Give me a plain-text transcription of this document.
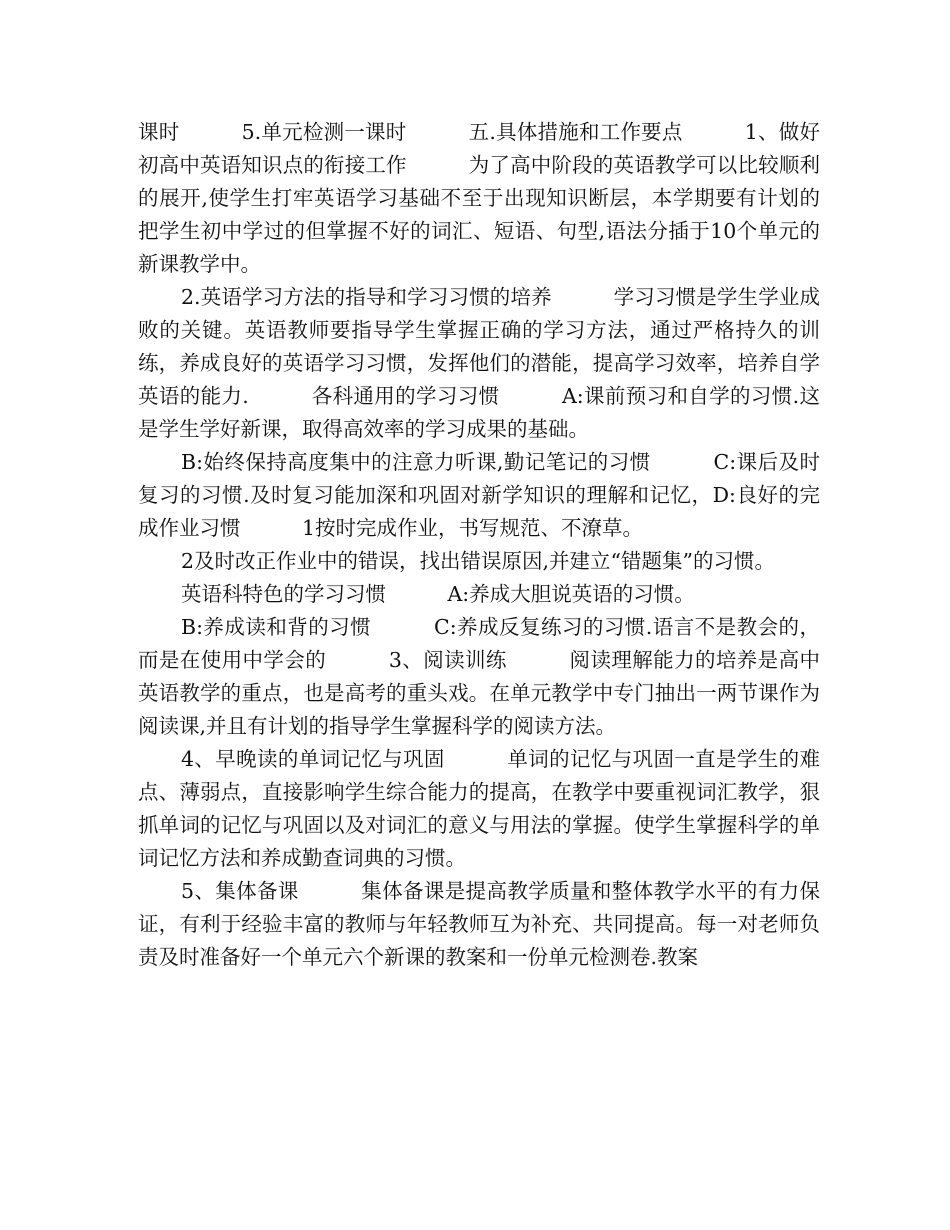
课时　　　5.单元检测一课时　　　五.具体措施和工作要点　　　1、做好初高中英语知识点的衔接工作　　　为了高中阶段的英语教学可以比较顺利的展开,使学生打牢英语学习基础不至于出现知识断层，本学期要有计划的把学生初中学过的但掌握不好的词汇、短语、句型,语法分插于10个单元的新课教学中。

2.英语学习方法的指导和学习习惯的培养　　　学习习惯是学生学业成败的关键。英语教师要指导学生掌握正确的学习方法，通过严格持久的训练，养成良好的英语学习习惯，发挥他们的潜能，提高学习效率，培养自学英语的能力.　　　各科通用的学习习惯　　　A:课前预习和自学的习惯.这是学生学好新课，取得高效率的学习成果的基础。

B:始终保持高度集中的注意力听课,勤记笔记的习惯　　　C:课后及时复习的习惯.及时复习能加深和巩固对新学知识的理解和记忆，D:良好的完成作业习惯　　　1按时完成作业，书写规范、不潦草。

2及时改正作业中的错误，找出错误原因,并建立“错题集”的习惯。

英语科特色的学习习惯　　　A:养成大胆说英语的习惯。

B:养成读和背的习惯　　　C:养成反复练习的习惯.语言不是教会的，而是在使用中学会的　　　3、阅读训练　　　阅读理解能力的培养是高中英语教学的重点，也是高考的重头戏。在单元教学中专门抽出一两节课作为阅读课,并且有计划的指导学生掌握科学的阅读方法。

4、早晚读的单词记忆与巩固　　　单词的记忆与巩固一直是学生的难点、薄弱点，直接影响学生综合能力的提高，在教学中要重视词汇教学，狠抓单词的记忆与巩固以及对词汇的意义与用法的掌握。使学生掌握科学的单词记忆方法和养成勤查词典的习惯。

5、集体备课　　　集体备课是提高教学质量和整体教学水平的有力保证，有利于经验丰富的教师与年轻教师互为补充、共同提高。每一对老师负责及时准备好一个单元六个新课的教案和一份单元检测卷.教案
